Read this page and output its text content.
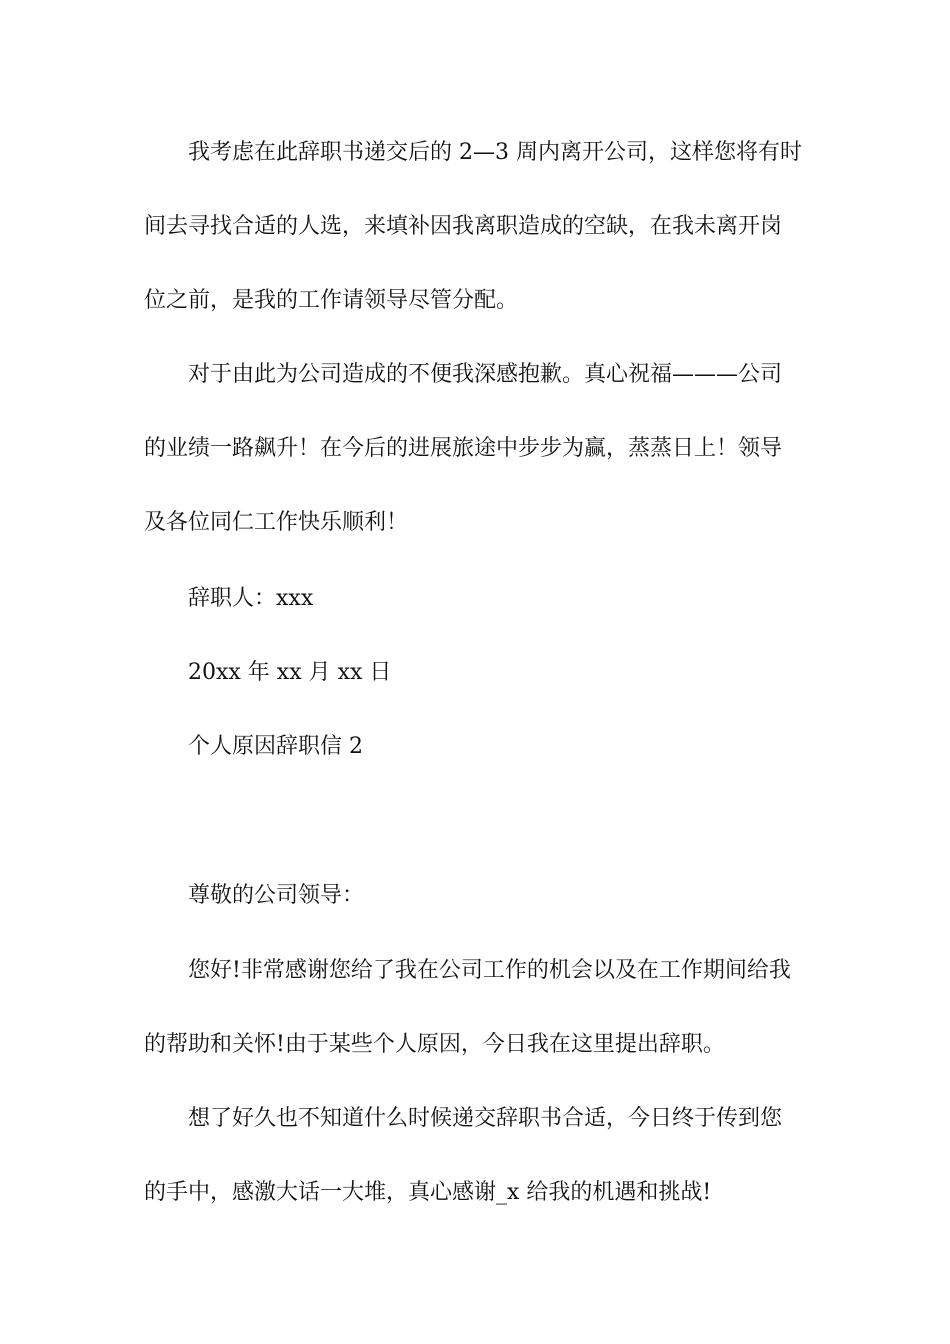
我考虑在此辞职书递交后的 2—3 周内离开公司，这样您将有时
间去寻找合适的人选，来填补因我离职造成的空缺，在我未离开岗
位之前，是我的工作请领导尽管分配。
对于由此为公司造成的不便我深感抱歉。真心祝福———公司
的业绩一路飙升！在今后的进展旅途中步步为赢，蒸蒸日上！领导
及各位同仁工作快乐顺利！
辞职人：xxx
20xx 年 xx 月 xx 日
个人原因辞职信 2
尊敬的公司领导：
您好!非常感谢您给了我在公司工作的机会以及在工作期间给我
的帮助和关怀!由于某些个人原因，今日我在这里提出辞职。
想了好久也不知道什么时候递交辞职书合适，今日终于传到您
的手中，感激大话一大堆，真心感谢_x 给我的机遇和挑战!
